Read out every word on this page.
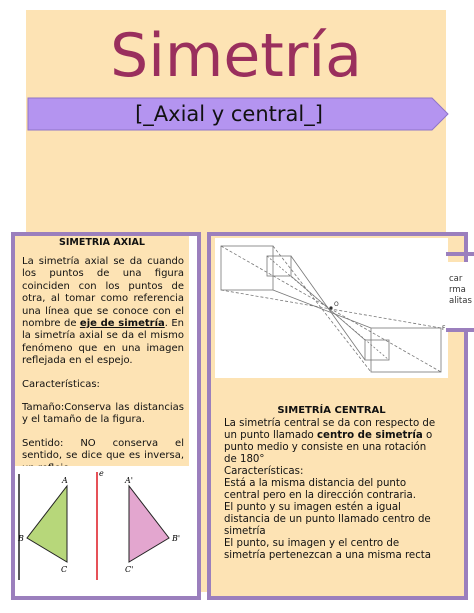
Simetría
[_Axial y central_]
SIMETRIA AXIAL

La simetría axial se da cuando los puntos de una figura coinciden con los puntos de otra, al tomar como referencia una línea que se conoce con el nombre de eje de simetría. En la simetría axial se da el mismo fenómeno que en una imagen reflejada en el espejo.

Características:

Tamaño:Conserva las distancias y el tamaño de la figura.

Sentido: NO conserva el sentido, se dice que es inversa,

e
A	A'
B	B'
C	C'
O
F
SIMETRÍA CENTRAL
La simetría central se da con respecto de un punto llamado centro de simetría o punto medio y consiste en una rotación de 180°
Características:
Está a la misma distancia del punto central pero en la dirección contraria.
El punto y su imagen estén a igual distancia de un punto llamado centro de simetría
El punto, su imagen y el centro de simetría pertenezcan a una misma recta
car
rma
alitas
